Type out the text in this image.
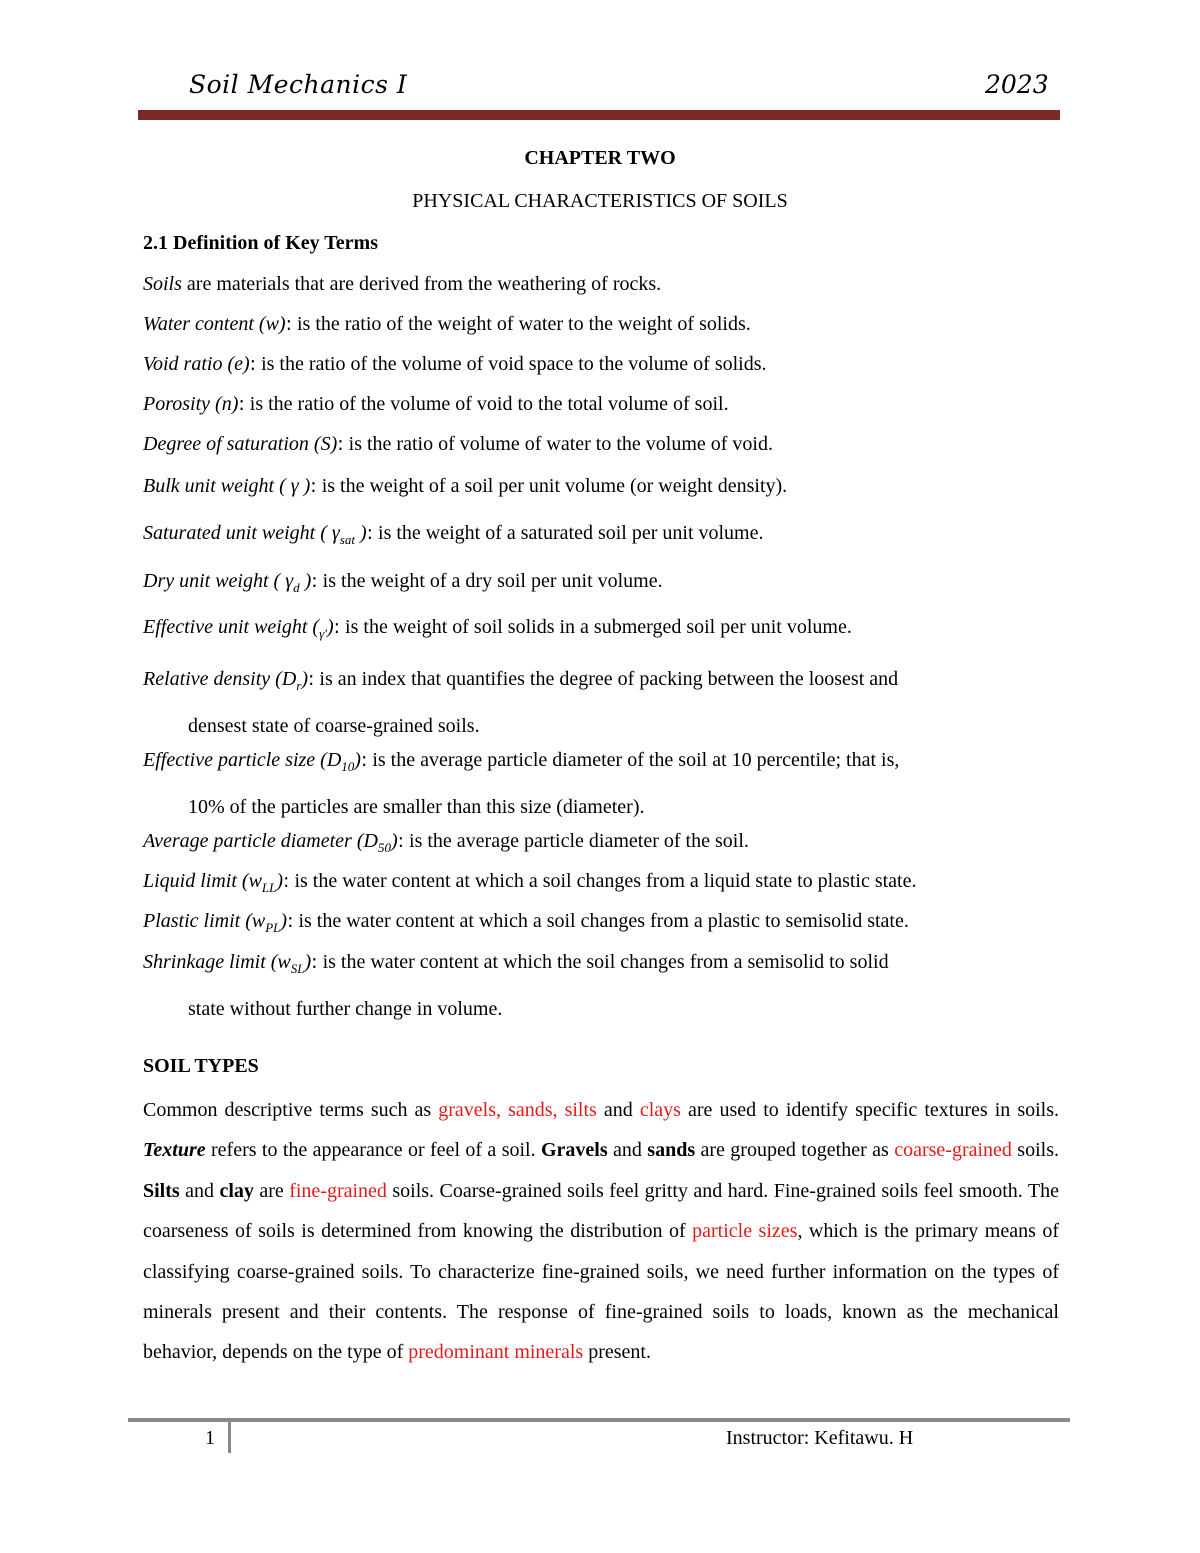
Soil Mechanics I	2023
CHAPTER TWO
PHYSICAL CHARACTERISTICS OF SOILS
2.1 Definition of Key Terms
Soils are materials that are derived from the weathering of rocks.
Water content (w): is the ratio of the weight of water to the weight of solids.
Void ratio (e): is the ratio of the volume of void space to the volume of solids.
Porosity (n): is the ratio of the volume of void to the total volume of soil.
Degree of saturation (S): is the ratio of volume of water to the volume of void.
Bulk unit weight ( γ ): is the weight of a soil per unit volume (or weight density).
Saturated unit weight ( $\gamma_{sat}$ ): is the weight of a saturated soil per unit volume.
Dry unit weight ( $\gamma_d$ ): is the weight of a dry soil per unit volume.
Effective unit weight $(_{\gamma'})$: is the weight of soil solids in a submerged soil per unit volume.
Relative density $(D_r)$: is an index that quantifies the degree of packing between the loosest and
densest state of coarse-grained soils.
Effective particle size $(D_{10})$: is the average particle diameter of the soil at 10 percentile; that is,
10% of the particles are smaller than this size (diameter).
Average particle diameter $(D_{50})$: is the average particle diameter of the soil.
Liquid limit $(w_{LL})$: is the water content at which a soil changes from a liquid state to plastic state.
Plastic limit $(w_{PL})$: is the water content at which a soil changes from a plastic to semisolid state.
Shrinkage limit $(w_{SL})$: is the water content at which the soil changes from a semisolid to solid
state without further change in volume.
SOIL TYPES
Common descriptive terms such as gravels, sands, silts and clays are used to identify specific textures in soils. Texture refers to the appearance or feel of a soil. Gravels and sands are grouped together as coarse-grained soils. Silts and clay are fine-grained soils. Coarse-grained soils feel gritty and hard. Fine-grained soils feel smooth. The coarseness of soils is determined from knowing the distribution of particle sizes, which is the primary means of classifying coarse-grained soils. To characterize fine-grained soils, we need further information on the types of minerals present and their contents. The response of fine-grained soils to loads, known as the mechanical behavior, depends on the type of predominant minerals present.
1	Instructor: Kefitawu. H
